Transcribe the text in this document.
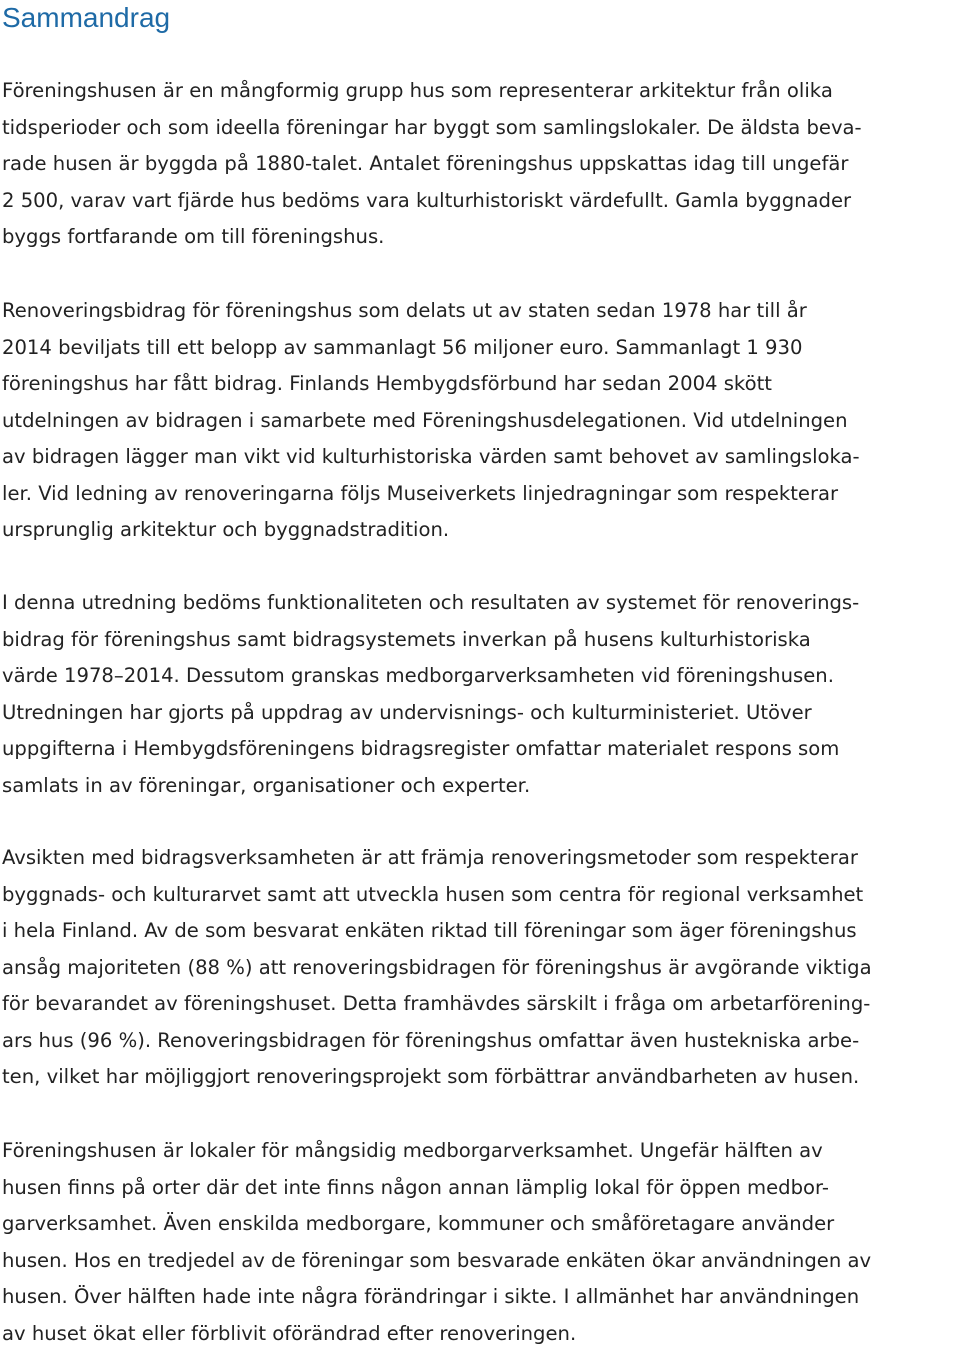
Sammandrag
Föreningshusen är en mångformig grupp hus som representerar arkitektur från olika
tidsperioder och som ideella föreningar har byggt som samlingslokaler. De äldsta beva-
rade husen är byggda på 1880-talet. Antalet föreningshus uppskattas idag till ungefär
2 500, varav vart fjärde hus bedöms vara kulturhistoriskt värdefullt. Gamla byggnader
byggs fortfarande om till föreningshus.
Renoveringsbidrag för föreningshus som delats ut av staten sedan 1978 har till år
2014 beviljats till ett belopp av sammanlagt 56 miljoner euro. Sammanlagt 1 930
föreningshus har fått bidrag. Finlands Hembygdsförbund har sedan 2004 skött
utdelningen av bidragen i samarbete med Föreningshusdelegationen. Vid utdelningen
av bidragen lägger man vikt vid kulturhistoriska värden samt behovet av samlingsloka-
ler. Vid ledning av renoveringarna följs Museiverkets linjedragningar som respekterar
ursprunglig arkitektur och byggnadstradition.
I denna utredning bedöms funktionaliteten och resultaten av systemet för renoverings-
bidrag för föreningshus samt bidragsystemets inverkan på husens kulturhistoriska
värde 1978–2014. Dessutom granskas medborgarverksamheten vid föreningshusen.
Utredningen har gjorts på uppdrag av undervisnings- och kulturministeriet. Utöver
uppgifterna i Hembygdsföreningens bidragsregister omfattar materialet respons som
samlats in av föreningar, organisationer och experter.
Avsikten med bidragsverksamheten är att främja renoveringsmetoder som respekterar
byggnads- och kulturarvet samt att utveckla husen som centra för regional verksamhet
i hela Finland. Av de som besvarat enkäten riktad till föreningar som äger föreningshus
ansåg majoriteten (88 %) att renoveringsbidragen för föreningshus är avgörande viktiga
för bevarandet av föreningshuset. Detta framhävdes särskilt i fråga om arbetarförening-
ars hus (96 %). Renoveringsbidragen för föreningshus omfattar även hustekniska arbe-
ten, vilket har möjliggjort renoveringsprojekt som förbättrar användbarheten av husen.
Föreningshusen är lokaler för mångsidig medborgarverksamhet. Ungefär hälften av
husen finns på orter där det inte finns någon annan lämplig lokal för öppen medbor-
garverksamhet. Även enskilda medborgare, kommuner och småföretagare använder
husen. Hos en tredjedel av de föreningar som besvarade enkäten ökar användningen av
husen. Över hälften hade inte några förändringar i sikte. I allmänhet har användningen
av huset ökat eller förblivit oförändrad efter renoveringen.
